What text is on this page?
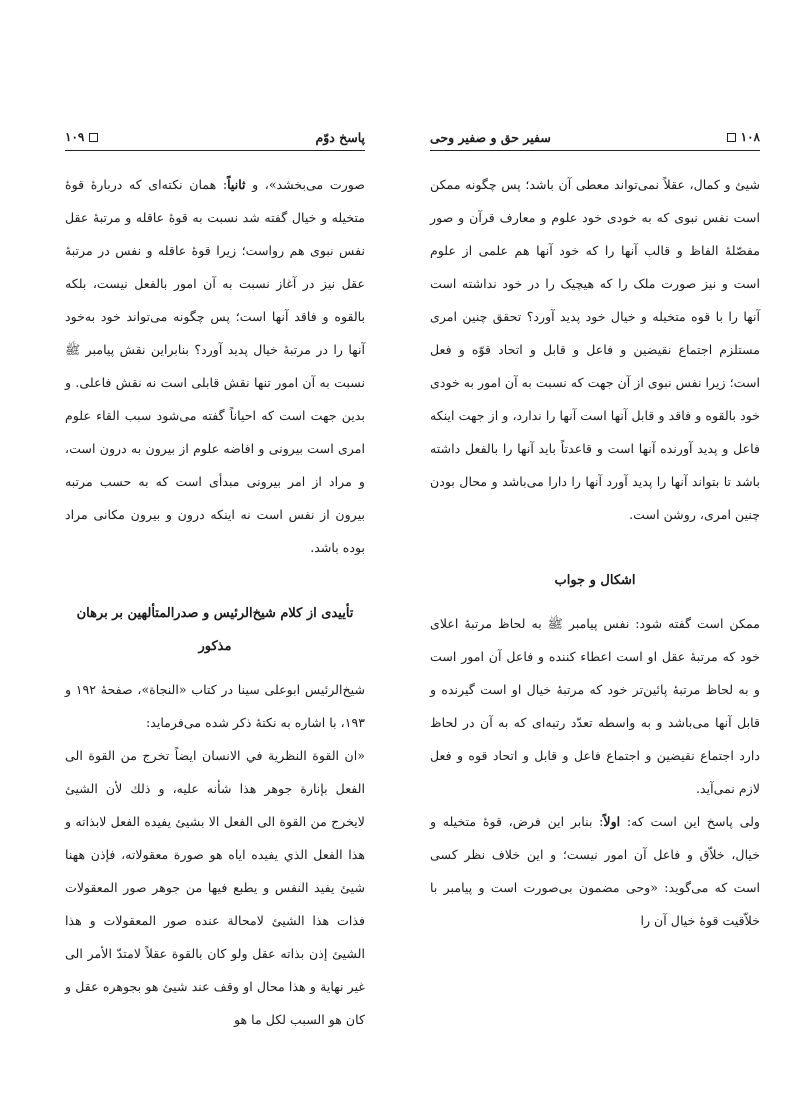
۱۰۸
سفیر حق و صفیر وحی

شیئ و کمال، عقلاً نمی‌تواند معطی آن باشد؛ پس چگونه ممکن است نفس نبوی که به خودی خود علوم و معارف قرآن و صور مفصّلهٔ الفاظ و قالب آنها را که خود آنها هم علمی از علوم است و نیز صورت ملک را که هیچیک را در خود نداشته است آنها را با قوه متخیله و خیال خود پدید آورد؟ تحقق چنین امری مستلزم اجتماع نقیضین و فاعل و قابل و اتحاد قوّه و فعل است؛ زیرا نفس نبوی از آن جهت که نسبت به آن امور به خودی خود بالقوه و فاقد و قابل آنها است آنها را ندارد، و از جهت اینکه فاعل و پدید آورنده آنها است و قاعدتاً باید آنها را بالفعل داشته باشد تا بتواند آنها را پدید آورد آنها را دارا می‌باشد و محال بودن چنین امری، روشن است.

اشکال و جواب

ممکن است گفته شود: نفس پیامبر ﷺ به لحاظ مرتبهٔ اعلای خود که مرتبهٔ عقل او است اعطاء کننده و فاعل آن امور است و به لحاظ مرتبهٔ پائین‌تر خود که مرتبهٔ خیال او است گیرنده و قابل آنها می‌باشد و به واسطه تعدّد رتبه‌ای که به آن در لحاظ دارد اجتماع نقیضین و اجتماع فاعل و قابل و اتحاد قوه و فعل لازم نمی‌آید.

ولی پاسخ این است که: اولاً: بنابر این فرض، قوهٔ متخیله و خیال، خلاّق و فاعل آن امور نیست؛ و این خلاف نظر کسی است که می‌گوید: «وحی مضمون بی‌صورت است و پیامبر با خلاّقیت قوهٔ خیال آن را

پاسخ دوّم
۱۰۹

صورت می‌بخشد»، و ثانیاً: همان نکته‌ای که دربارهٔ قوهٔ متخیله و خیال گفته شد نسبت به قوهٔ عاقله و مرتبهٔ عقل نفس نبوی هم رواست؛ زیرا قوهٔ عاقله و نفس در مرتبهٔ عقل نیز در آغاز نسبت به آن امور بالفعل نیست، بلکه بالقوه و فاقد آنها است؛ پس چگونه می‌تواند خود به‌خود آنها را در مرتبهٔ خیال پدید آورد؟ بنابراین نقش پیامبر ﷺ نسبت به آن امور تنها نقش قابلی است نه نقش فاعلی. و بدین جهت است که احیاناً گفته می‌شود سبب القاء علوم امری است بیرونی و افاضه علوم از بیرون به درون است، و مراد از امر بیرونی مبدأی است که به حسب مرتبه بیرون از نفس است نه اینکه درون و بیرون مکانی مراد بوده باشد.

تأییدی از کلام شیخ‌الرئیس و صدرالمتألهین بر برهان مذکور

شیخ‌الرئیس ابوعلی سینا در کتاب «النجاة»، صفحهٔ ۱۹۲ و ۱۹۳، با اشاره به نکتهٔ ذکر شده می‌فرماید:

«ان القوة النظرية في الانسان ايضاً تخرج من القوة الى الفعل بإنارة جوهر هذا شأنه عليه، و ذلك لأن الشيئ لايخرج من القوة الى الفعل الا بشيئ يفيده الفعل لابذاته و هذا الفعل الذي يفيده اياه هو صورة معقولاته، فإذن ههنا شيئ يفيد النفس و يطبع فيها من جوهر صور المعقولات فذات هذا الشيئ لامحالة عنده صور المعقولات و هذا الشيئ إذن بذاته عقل ولو كان بالقوة عقلاً لامتدّ الأمر الى غير نهاية و هذا محال او وقف عند شيئ هو بجوهره عقل و كان هو السبب لكل ما هو
